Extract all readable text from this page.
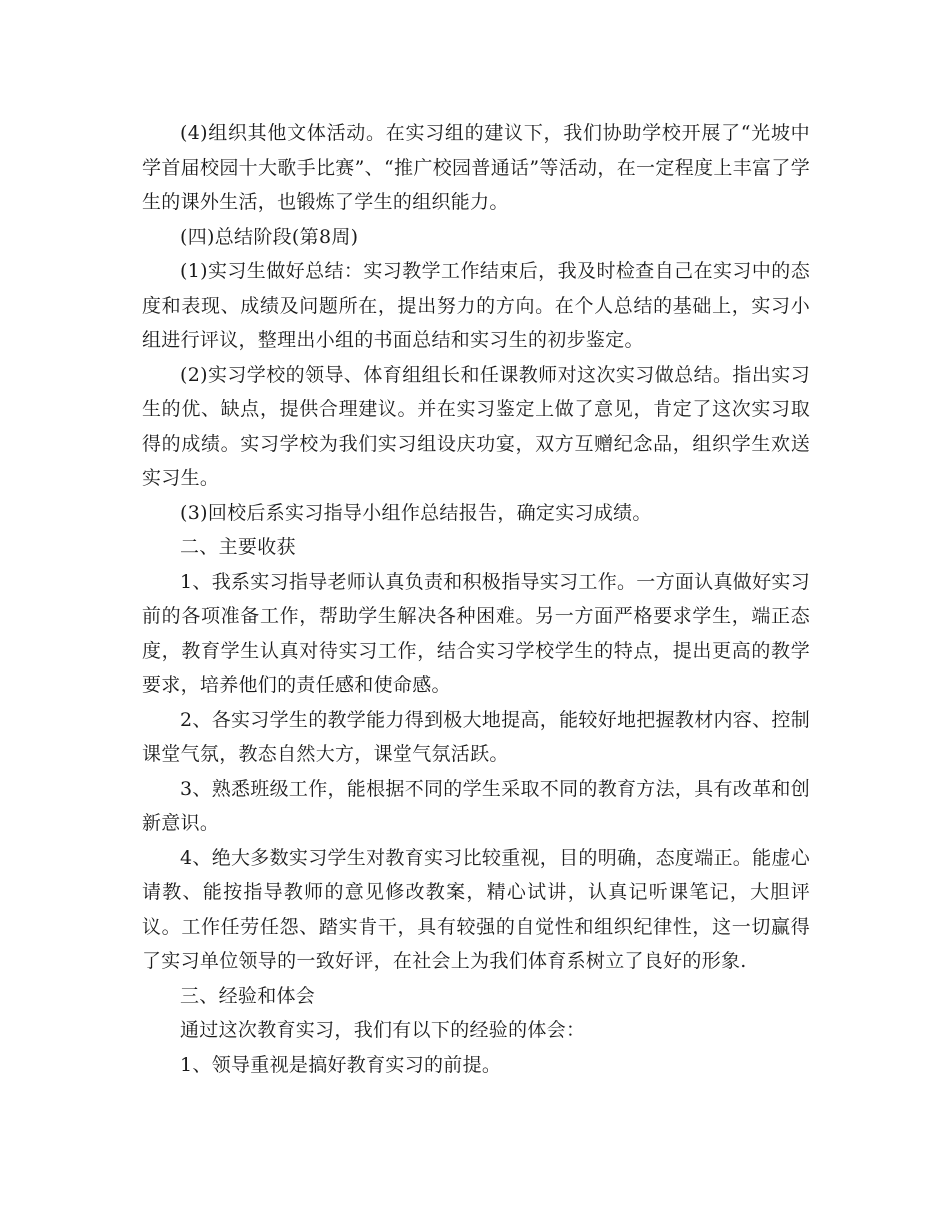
(4)组织其他文体活动。在实习组的建议下，我们协助学校开展了“光坡中学首届校园十大歌手比赛”、“推广校园普通话”等活动，在一定程度上丰富了学生的课外生活，也锻炼了学生的组织能力。

(四)总结阶段(第8周)

(1)实习生做好总结：实习教学工作结束后，我及时检查自己在实习中的态度和表现、成绩及问题所在，提出努力的方向。在个人总结的基础上，实习小组进行评议，整理出小组的书面总结和实习生的初步鉴定。

(2)实习学校的领导、体育组组长和任课教师对这次实习做总结。指出实习生的优、缺点，提供合理建议。并在实习鉴定上做了意见，肯定了这次实习取得的成绩。实习学校为我们实习组设庆功宴，双方互赠纪念品，组织学生欢送实习生。

(3)回校后系实习指导小组作总结报告，确定实习成绩。

二、主要收获

1、我系实习指导老师认真负责和积极指导实习工作。一方面认真做好实习前的各项准备工作，帮助学生解决各种困难。另一方面严格要求学生，端正态度，教育学生认真对待实习工作，结合实习学校学生的特点，提出更高的教学要求，培养他们的责任感和使命感。

2、各实习学生的教学能力得到极大地提高，能较好地把握教材内容、控制课堂气氛，教态自然大方，课堂气氛活跃。

3、熟悉班级工作，能根据不同的学生采取不同的教育方法，具有改革和创新意识。

4、绝大多数实习学生对教育实习比较重视，目的明确，态度端正。能虚心请教、能按指导教师的意见修改教案，精心试讲，认真记听课笔记，大胆评议。工作任劳任怨、踏实肯干，具有较强的自觉性和组织纪律性，这一切赢得了实习单位领导的一致好评，在社会上为我们体育系树立了良好的形象.

三、经验和体会

通过这次教育实习，我们有以下的经验的体会：

1、领导重视是搞好教育实习的前提。
